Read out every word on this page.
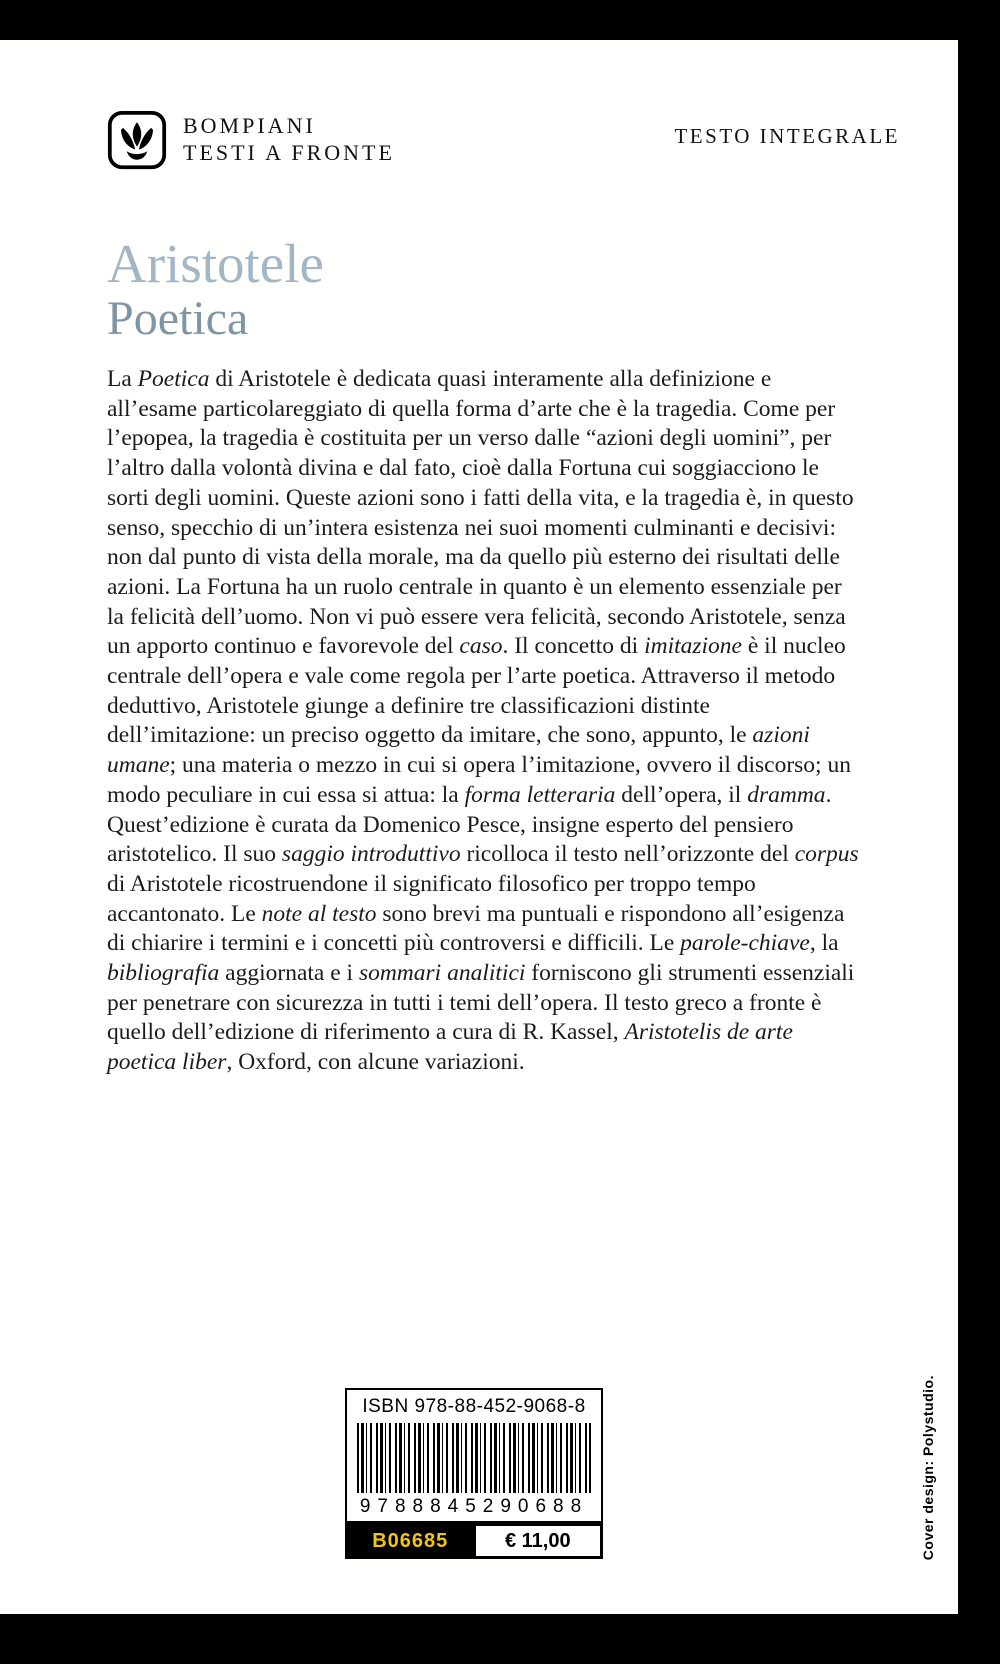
BOMPIANI
TESTI A FRONTE
TESTO INTEGRALE
Aristotele
Poetica
La Poetica di Aristotele è dedicata quasi interamente alla definizione e all’esame particolareggiato di quella forma d’arte che è la tragedia. Come per l’epopea, la tragedia è costituita per un verso dalle “azioni degli uomini”, per l’altro dalla volontà divina e dal fato, cioè dalla Fortuna cui soggiacciono le sorti degli uomini. Queste azioni sono i fatti della vita, e la tragedia è, in questo senso, specchio di un’intera esistenza nei suoi momenti culminanti e decisivi: non dal punto di vista della morale, ma da quello più esterno dei risultati delle azioni. La Fortuna ha un ruolo centrale in quanto è un elemento essenziale per la felicità dell’uomo. Non vi può essere vera felicità, secondo Aristotele, senza un apporto continuo e favorevole del caso. Il concetto di imitazione è il nucleo centrale dell’opera e vale come regola per l’arte poetica. Attraverso il metodo deduttivo, Aristotele giunge a definire tre classificazioni distinte dell’imitazione: un preciso oggetto da imitare, che sono, appunto, le azioni umane; una materia o mezzo in cui si opera l’imitazione, ovvero il discorso; un modo peculiare in cui essa si attua: la forma letteraria dell’opera, il dramma. Quest’edizione è curata da Domenico Pesce, insigne esperto del pensiero aristotelico. Il suo saggio introduttivo ricolloca il testo nell’orizzonte del corpus di Aristotele ricostruendone il significato filosofico per troppo tempo accantonato. Le note al testo sono brevi ma puntuali e rispondono all’esigenza di chiarire i termini e i concetti più controversi e difficili. Le parole-chiave, la bibliografia aggiornata e i sommari analitici forniscono gli strumenti essenziali per penetrare con sicurezza in tutti i temi dell’opera. Il testo greco a fronte è quello dell’edizione di riferimento a cura di R. Kassel, Aristotelis de arte poetica liber, Oxford, con alcune variazioni.
ISBN 978-88-452-9068-8
9788845290688
B06685	€ 11,00	Cover design: Polystudio.
